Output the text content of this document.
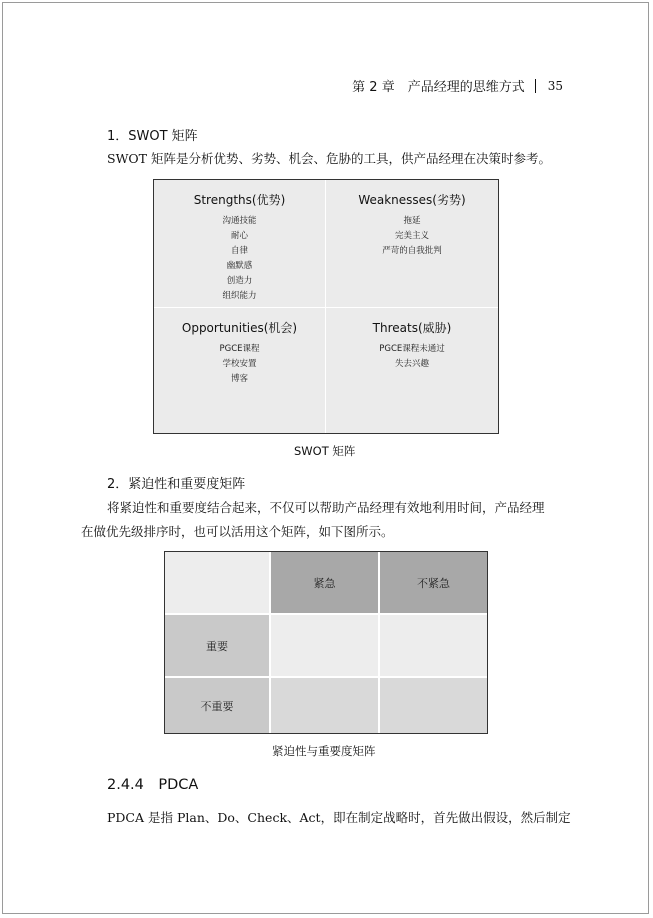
第 2 章　产品经理的思维方式 35
1．SWOT 矩阵
SWOT 矩阵是分析优势、劣势、机会、危胁的工具，供产品经理在决策时参考。
Strengths(优势)
沟通技能
耐心
自律
幽默感
创造力
组织能力
Weaknesses(劣势)
拖延
完美主义
严苛的自我批判
Opportunities(机会)
PGCE课程
学校安置
博客
Threats(威胁)
PGCE课程未通过
失去兴趣
SWOT 矩阵
2．紧迫性和重要度矩阵
将紧迫性和重要度结合起来，不仅可以帮助产品经理有效地利用时间，产品经理
在做优先级排序时，也可以活用这个矩阵，如下图所示。
紧急	不紧急
重要
不重要
紧迫性与重要度矩阵
2.4.4　PDCA
PDCA 是指 Plan、Do、Check、Act，即在制定战略时，首先做出假设，然后制定
